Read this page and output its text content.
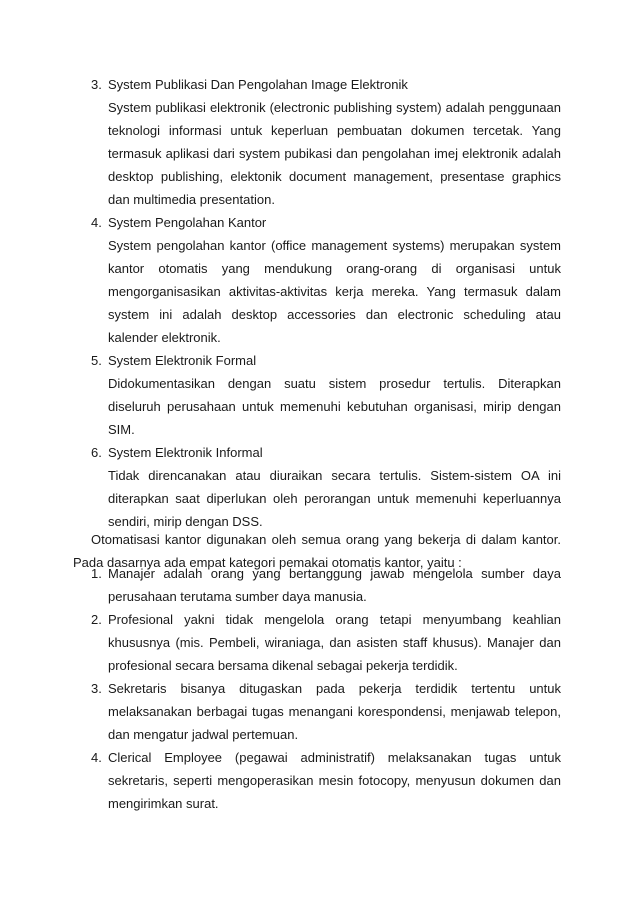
3. System Publikasi Dan Pengolahan Image Elektronik
System publikasi elektronik (electronic publishing system) adalah penggunaan teknologi informasi untuk keperluan pembuatan dokumen tercetak. Yang termasuk aplikasi dari system pubikasi dan pengolahan imej elektronik adalah desktop publishing, elektonik document management, presentase graphics dan multimedia presentation.
4. System Pengolahan Kantor
System pengolahan kantor (office management systems) merupakan system kantor otomatis yang mendukung orang-orang di organisasi untuk mengorganisasikan aktivitas-aktivitas kerja mereka. Yang termasuk dalam system ini adalah desktop accessories dan electronic scheduling atau kalender elektronik.
5. System Elektronik Formal
Didokumentasikan dengan suatu sistem prosedur tertulis. Diterapkan diseluruh perusahaan untuk memenuhi kebutuhan organisasi, mirip dengan SIM.
6. System Elektronik Informal
Tidak direncanakan atau diuraikan secara tertulis. Sistem-sistem OA ini diterapkan saat diperlukan oleh perorangan untuk memenuhi keperluannya sendiri, mirip dengan DSS.

Otomatisasi kantor digunakan oleh semua orang yang bekerja di dalam kantor. Pada dasarnya ada empat kategori pemakai otomatis kantor, yaitu :

1. Manajer adalah orang yang bertanggung jawab mengelola sumber daya perusahaan terutama sumber daya manusia.
2. Profesional yakni tidak mengelola orang tetapi menyumbang keahlian khususnya (mis. Pembeli, wiraniaga, dan asisten staff khusus). Manajer dan profesional secara bersama dikenal sebagai pekerja terdidik.
3. Sekretaris bisanya ditugaskan pada pekerja terdidik tertentu untuk melaksanakan berbagai tugas menangani korespondensi, menjawab telepon, dan mengatur jadwal pertemuan.
4. Clerical Employee (pegawai administratif) melaksanakan tugas untuk sekretaris, seperti mengoperasikan mesin fotocopy, menyusun dokumen dan mengirimkan surat.
